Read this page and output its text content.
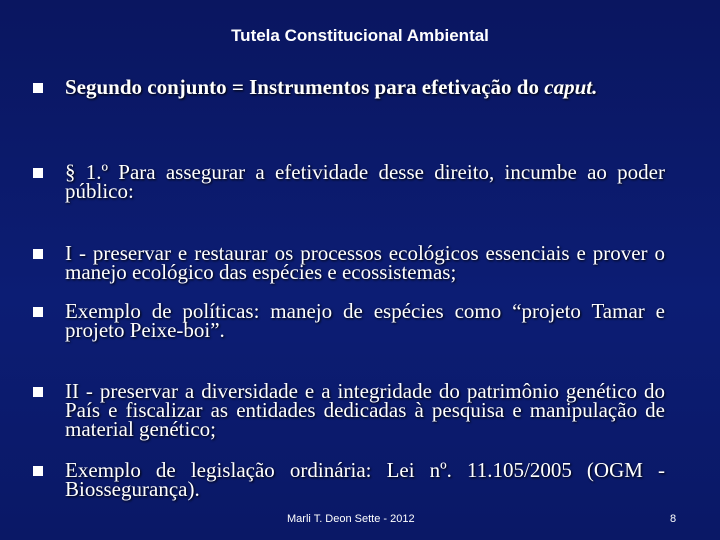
Tutela Constitucional Ambiental
Segundo conjunto = Instrumentos para efetivação do caput.
§ 1.º Para assegurar a efetividade desse direito, incumbe ao poder público:
I - preservar e restaurar os processos ecológicos essenciais e prover o manejo ecológico das espécies e ecossistemas;
Exemplo de políticas: manejo de espécies como “projeto Tamar e projeto Peixe-boi”.
II - preservar a diversidade e a integridade do patrimônio genético do País e fiscalizar as entidades dedicadas à pesquisa e manipulação de material genético;
Exemplo de legislação ordinária: Lei nº. 11.105/2005 (OGM - Biossegurança).
Marli T. Deon Sette - 2012	8
